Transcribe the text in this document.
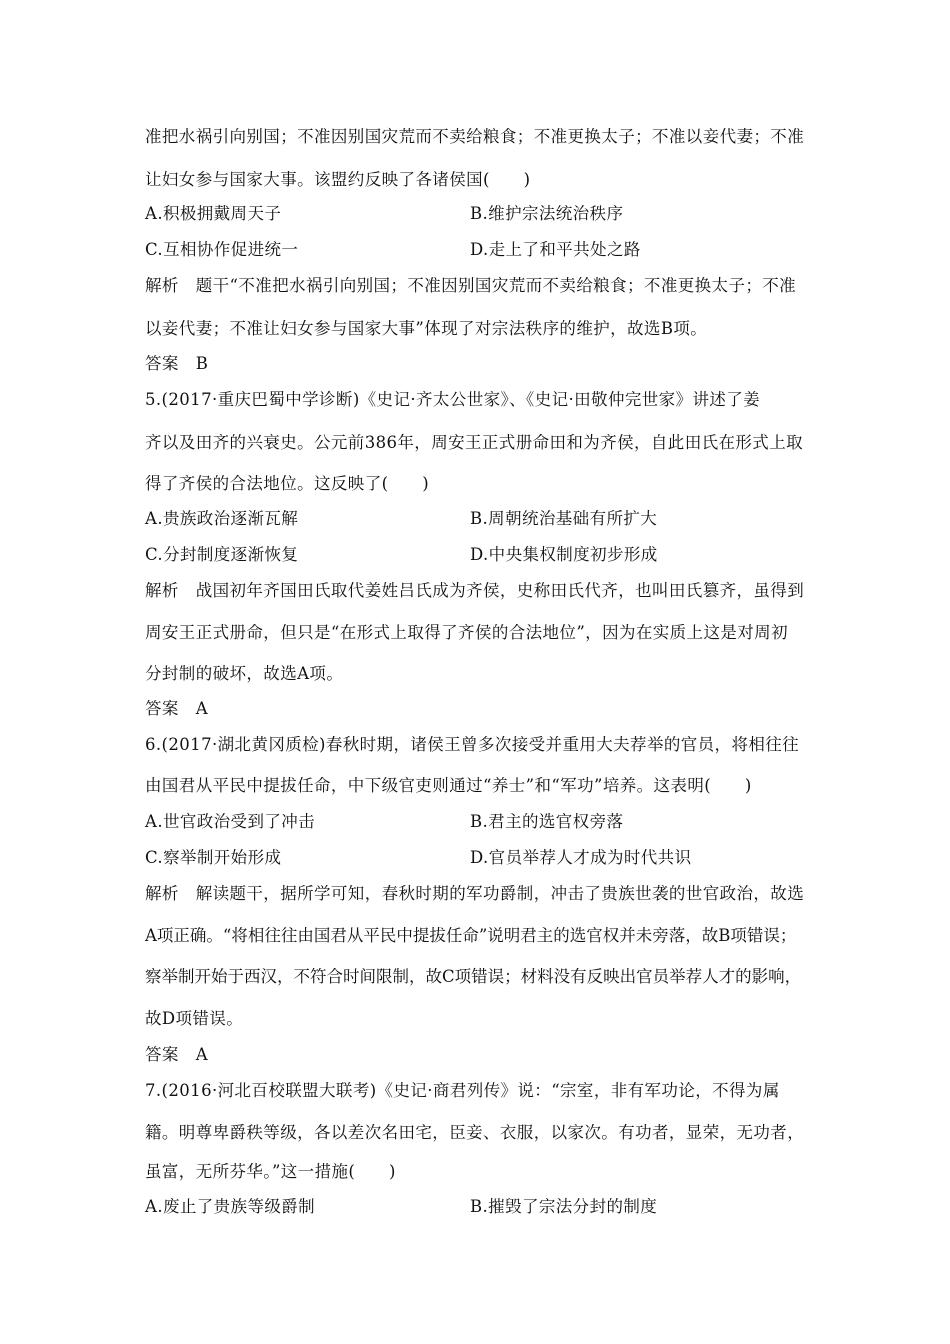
准把水祸引向别国；不准因别国灾荒而不卖给粮食；不准更换太子；不准以妾代妻；不准
让妇女参与国家大事。该盟约反映了各诸侯国(　　)
A.积极拥戴周天子	B.维护宗法统治秩序
C.互相协作促进统一	D.走上了和平共处之路
解析　题干“不准把水祸引向别国；不准因别国灾荒而不卖给粮食；不准更换太子；不准
以妾代妻；不准让妇女参与国家大事”体现了对宗法秩序的维护，故选B项。
答案　B
5.(2017·重庆巴蜀中学诊断)《史记·齐太公世家》、《史记·田敬仲完世家》讲述了姜
齐以及田齐的兴衰史。公元前386年，周安王正式册命田和为齐侯，自此田氏在形式上取
得了齐侯的合法地位。这反映了(　　)
A.贵族政治逐渐瓦解	B.周朝统治基础有所扩大
C.分封制度逐渐恢复	D.中央集权制度初步形成
解析　战国初年齐国田氏取代姜姓吕氏成为齐侯，史称田氏代齐，也叫田氏篡齐，虽得到
周安王正式册命，但只是“在形式上取得了齐侯的合法地位”，因为在实质上这是对周初
分封制的破坏，故选A项。
答案　A
6.(2017·湖北黄冈质检)春秋时期，诸侯王曾多次接受并重用大夫荐举的官员，将相往往
由国君从平民中提拔任命，中下级官吏则通过“养士”和“军功”培养。这表明(　　)
A.世官政治受到了冲击	B.君主的选官权旁落
C.察举制开始形成	D.官员举荐人才成为时代共识
解析　解读题干，据所学可知，春秋时期的军功爵制，冲击了贵族世袭的世官政治，故选
A项正确。“将相往往由国君从平民中提拔任命”说明君主的选官权并未旁落，故B项错误；
察举制开始于西汉，不符合时间限制，故C项错误；材料没有反映出官员举荐人才的影响，
故D项错误。
答案　A
7.(2016·河北百校联盟大联考)《史记·商君列传》说：“宗室，非有军功论，不得为属
籍。明尊卑爵秩等级，各以差次名田宅，臣妾、衣服，以家次。有功者，显荣，无功者，
虽富，无所芬华。”这一措施(　　)
A.废止了贵族等级爵制	B.摧毁了宗法分封的制度
